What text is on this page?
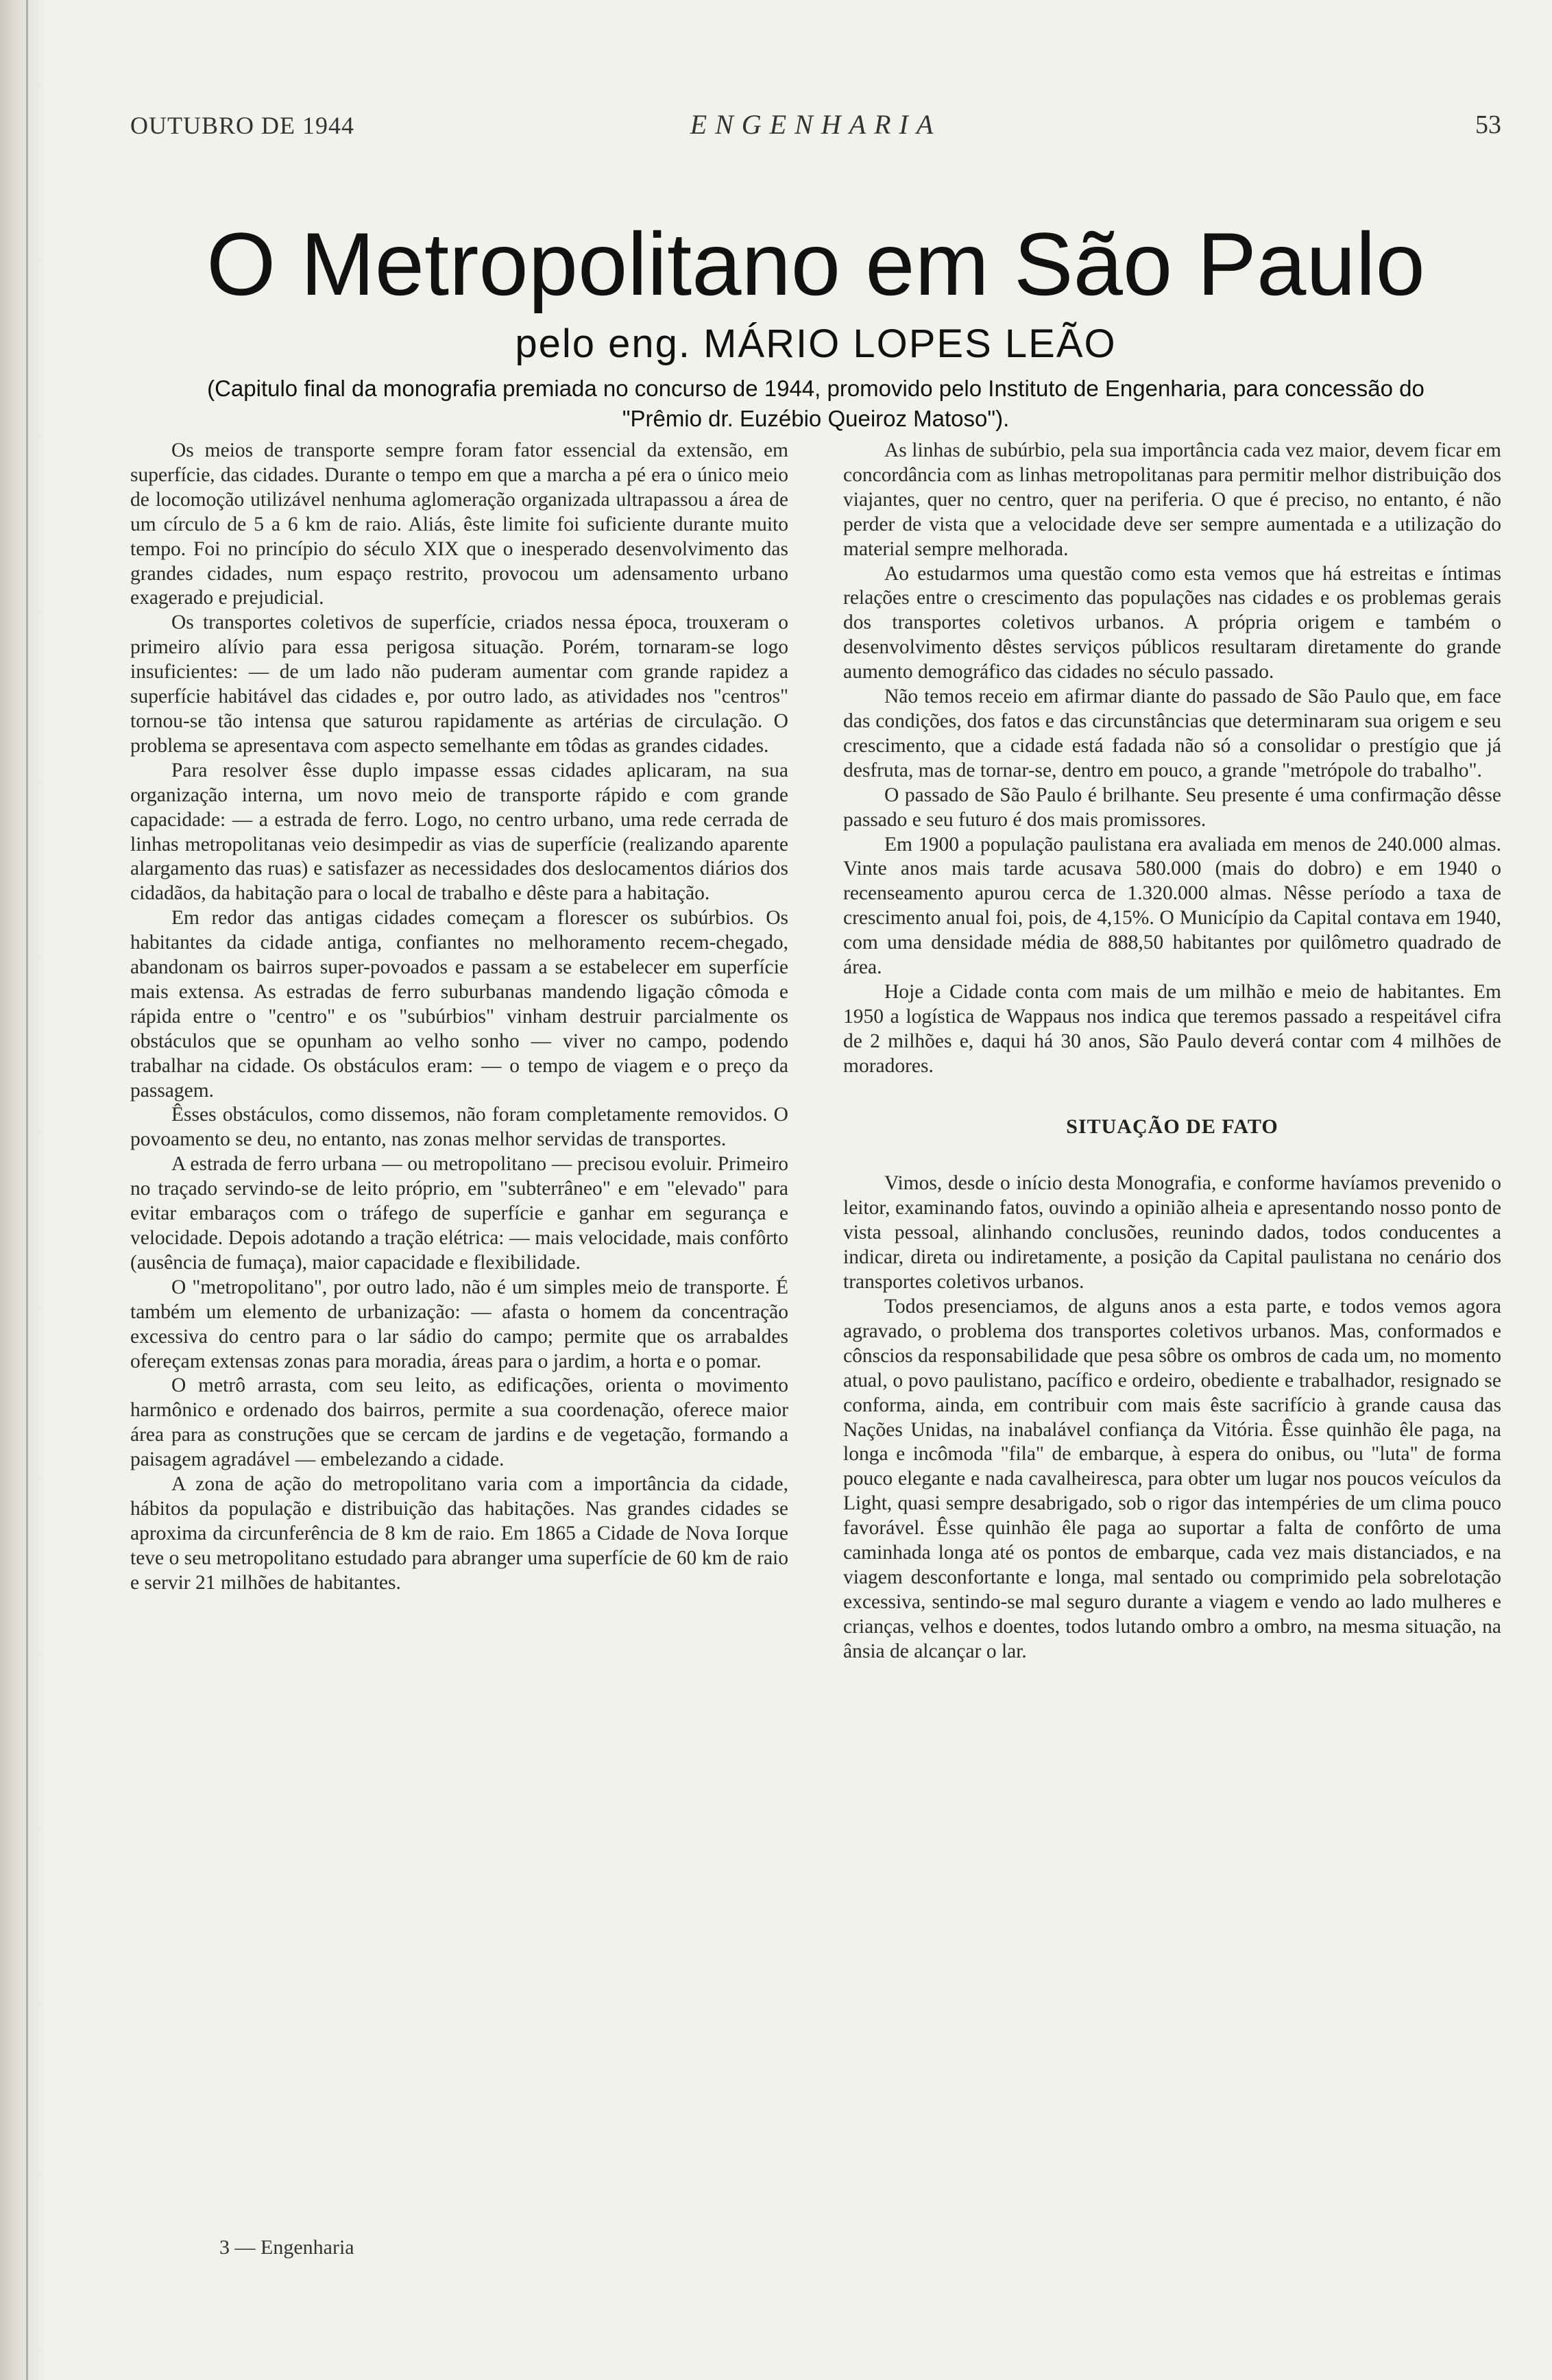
OUTUBRO DE 1944	ENGENHARIA	53
O Metropolitano em São Paulo
pelo eng. MÁRIO LOPES LEÃO
(Capitulo final da monografia premiada no concurso de 1944, promovido pelo Instituto de Engenharia, para concessão do "Prêmio dr. Euzébio Queiroz Matoso").

Os meios de transporte sempre foram fator essencial da extensão, em superfície, das cidades. Durante o tempo em que a marcha a pé era o único meio de locomoção utilizável nenhuma aglomeração organizada ultrapassou a área de um círculo de 5 a 6 km de raio. Aliás, êste limite foi suficiente durante muito tempo. Foi no princípio do século XIX que o inesperado desenvolvimento das grandes cidades, num espaço restrito, provocou um adensamento urbano exagerado e prejudicial.

Os transportes coletivos de superfície, criados nessa época, trouxeram o primeiro alívio para essa perigosa situação. Porém, tornaram-se logo insuficientes: — de um lado não puderam aumentar com grande rapidez a superfície habitável das cidades e, por outro lado, as atividades nos "centros" tornou-se tão intensa que saturou rapidamente as artérias de circulação. O problema se apresentava com aspecto semelhante em tôdas as grandes cidades.

Para resolver êsse duplo impasse essas cidades aplicaram, na sua organização interna, um novo meio de transporte rápido e com grande capacidade: — a estrada de ferro. Logo, no centro urbano, uma rede cerrada de linhas metropolitanas veio desimpedir as vias de superfície (realizando aparente alargamento das ruas) e satisfazer as necessidades dos deslocamentos diários dos cidadãos, da habitação para o local de trabalho e dêste para a habitação.

Em redor das antigas cidades começam a florescer os subúrbios. Os habitantes da cidade antiga, confiantes no melhoramento recem-chegado, abandonam os bairros super-povoados e passam a se estabelecer em superfície mais extensa. As estradas de ferro suburbanas mandendo ligação cômoda e rápida entre o "centro" e os "subúrbios" vinham destruir parcialmente os obstáculos que se opunham ao velho sonho — viver no campo, podendo trabalhar na cidade. Os obstáculos eram: — o tempo de viagem e o preço da passagem.

Êsses obstáculos, como dissemos, não foram completamente removidos. O povoamento se deu, no entanto, nas zonas melhor servidas de transportes.

A estrada de ferro urbana — ou metropolitano — precisou evoluir. Primeiro no traçado servindo-se de leito próprio, em "subterrâneo" e em "elevado" para evitar embaraços com o tráfego de superfície e ganhar em segurança e velocidade. Depois adotando a tração elétrica: — mais velocidade, mais confôrto (ausência de fumaça), maior capacidade e flexibilidade.

O "metropolitano", por outro lado, não é um simples meio de transporte. É também um elemento de urbanização: — afasta o homem da concentração excessiva do centro para o lar sádio do campo; permite que os arrabaldes ofereçam extensas zonas para moradia, áreas para o jardim, a horta e o pomar.

O metrô arrasta, com seu leito, as edificações, orienta o movimento harmônico e ordenado dos bairros, permite a sua coordenação, oferece maior área para as construções que se cercam de jardins e de vegetação, formando a paisagem agradável — embelezando a cidade.

A zona de ação do metropolitano varia com a importância da cidade, hábitos da população e distribuição das habitações. Nas grandes cidades se aproxima da circunferência de 8 km de raio. Em 1865 a Cidade de Nova Iorque teve o seu metropolitano estudado para abranger uma superfície de 60 km de raio e servir 21 milhões de habitantes.

As linhas de subúrbio, pela sua importância cada vez maior, devem ficar em concordância com as linhas metropolitanas para permitir melhor distribuição dos viajantes, quer no centro, quer na periferia. O que é preciso, no entanto, é não perder de vista que a velocidade deve ser sempre aumentada e a utilização do material sempre melhorada.

Ao estudarmos uma questão como esta vemos que há estreitas e íntimas relações entre o crescimento das populações nas cidades e os problemas gerais dos transportes coletivos urbanos. A própria origem e também o desenvolvimento dêstes serviços públicos resultaram diretamente do grande aumento demográfico das cidades no século passado.

Não temos receio em afirmar diante do passado de São Paulo que, em face das condições, dos fatos e das circunstâncias que determinaram sua origem e seu crescimento, que a cidade está fadada não só a consolidar o prestígio que já desfruta, mas de tornar-se, dentro em pouco, a grande "metrópole do trabalho".

O passado de São Paulo é brilhante. Seu presente é uma confirmação dêsse passado e seu futuro é dos mais promissores.

Em 1900 a população paulistana era avaliada em menos de 240.000 almas. Vinte anos mais tarde acusava 580.000 (mais do dobro) e em 1940 o recenseamento apurou cerca de 1.320.000 almas. Nêsse período a taxa de crescimento anual foi, pois, de 4,15%. O Município da Capital contava em 1940, com uma densidade média de 888,50 habitantes por quilômetro quadrado de área.

Hoje a Cidade conta com mais de um milhão e meio de habitantes. Em 1950 a logística de Wappaus nos indica que teremos passado a respeitável cifra de 2 milhões e, daqui há 30 anos, São Paulo deverá contar com 4 milhões de moradores.

SITUAÇÃO DE FATO

Vimos, desde o início desta Monografia, e conforme havíamos prevenido o leitor, examinando fatos, ouvindo a opinião alheia e apresentando nosso ponto de vista pessoal, alinhando conclusões, reunindo dados, todos conducentes a indicar, direta ou indiretamente, a posição da Capital paulistana no cenário dos transportes coletivos urbanos.

Todos presenciamos, de alguns anos a esta parte, e todos vemos agora agravado, o problema dos transportes coletivos urbanos. Mas, conformados e cônscios da responsabilidade que pesa sôbre os ombros de cada um, no momento atual, o povo paulistano, pacífico e ordeiro, obediente e trabalhador, resignado se conforma, ainda, em contribuir com mais êste sacrifício à grande causa das Nações Unidas, na inabalável confiança da Vitória. Êsse quinhão êle paga, na longa e incômoda "fila" de embarque, à espera do onibus, ou "luta" de forma pouco elegante e nada cavalheiresca, para obter um lugar nos poucos veículos da Light, quasi sempre desabrigado, sob o rigor das intempéries de um clima pouco favorável. Êsse quinhão êle paga ao suportar a falta de confôrto de uma caminhada longa até os pontos de embarque, cada vez mais distanciados, e na viagem desconfortante e longa, mal sentado ou comprimido pela sobrelotação excessiva, sentindo-se mal seguro durante a viagem e vendo ao lado mulheres e crianças, velhos e doentes, todos lutando ombro a ombro, na mesma situação, na ânsia de alcançar o lar.

3 — Engenharia
